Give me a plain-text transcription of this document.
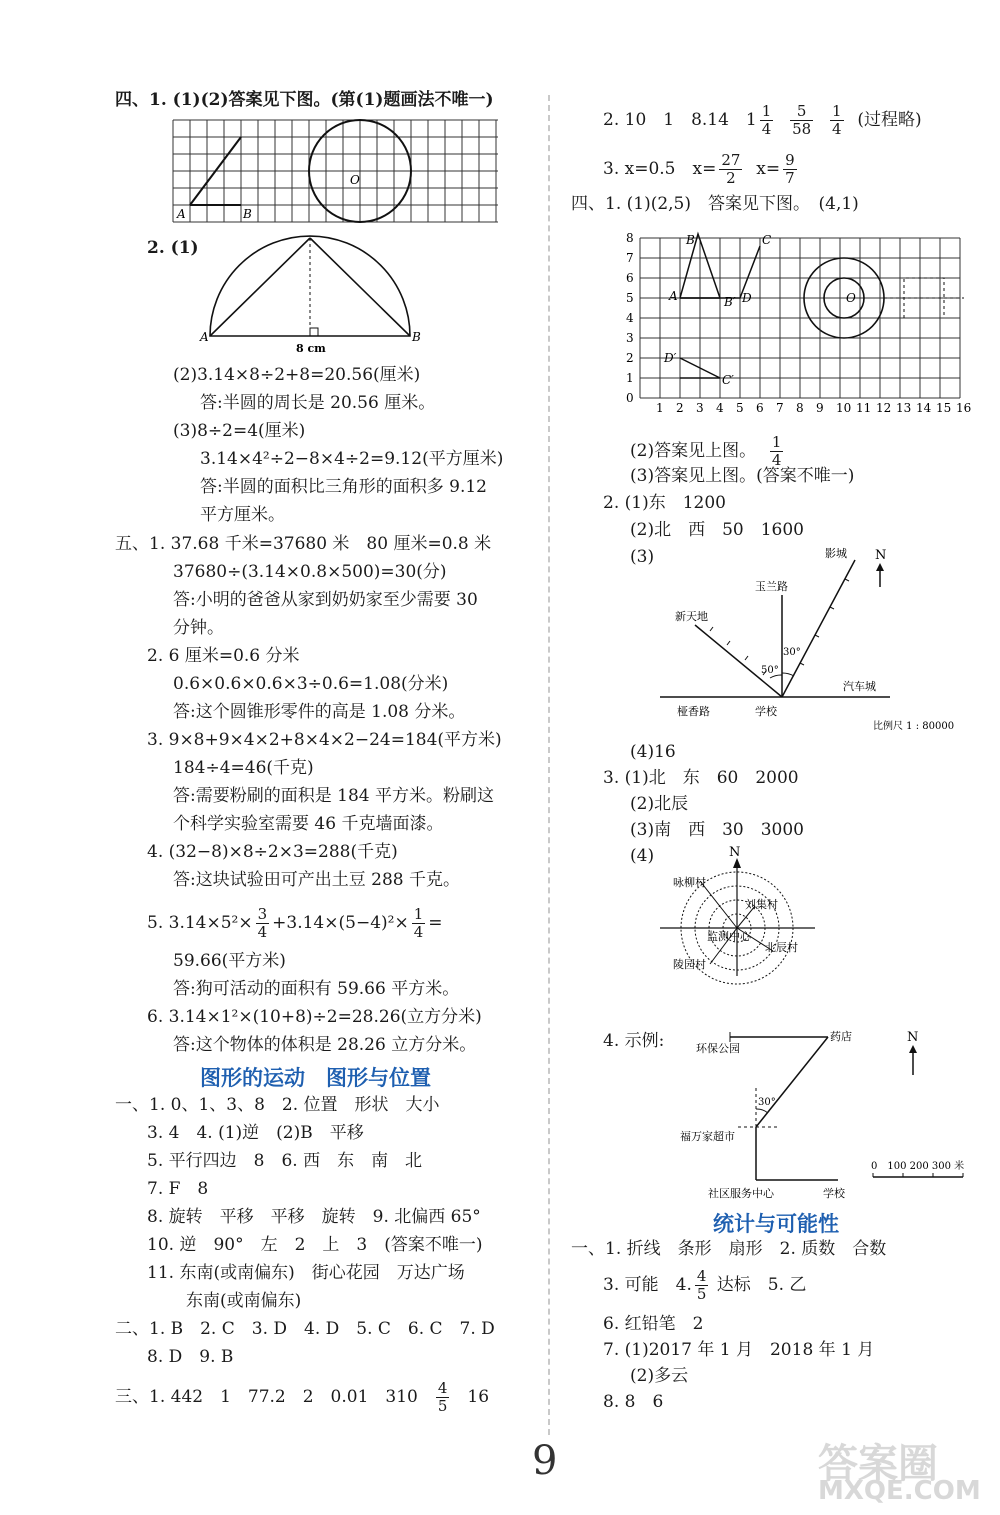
四、1. (1)(2)答案见下图。(第(1)题画法不唯一)
A	B
O
2. (1)
A	B
8 cm
(2)3.14×8÷2+8=20.56(厘米)
答:半圆的周长是 20.56 厘米。
(3)8÷2=4(厘米)
3.14×4²÷2−8×4÷2=9.12(平方厘米)
答:半圆的面积比三角形的面积多 9.12
平方厘米。
五、1. 37.68 千米=37680 米　80 厘米=0.8 米
37680÷(3.14×0.8×500)=30(分)
答:小明的爸爸从家到奶奶家至少需要 30
分钟。
2. 6 厘米=0.6 分米
0.6×0.6×0.6×3÷0.6=1.08(分米)
答:这个圆锥形零件的高是 1.08 分米。
3. 9×8+9×4×2+8×4×2−24=184(平方米)
184÷4=46(千克)
答:需要粉刷的面积是 184 平方米。粉刷这
个科学实验室需要 46 千克墙面漆。
4. (32−8)×8÷2×3=288(千克)
答:这块试验田可产出土豆 288 千克。
5. $3.14\times 5^2\times \frac{3}{4} +3.14\times(5-4)^2\times \frac{1}{4}$ =
59.66(平方米)
答:狗可活动的面积有 59.66 平方米。
6. 3.14×1²×(10+8)÷2=28.26(立方分米)
答:这个物体的体积是 28.26 立方分米。
图形的运动　图形与位置
一、1. 0、1、3、8　2. 位置　形状　大小
3. 4　4. (1)逆　(2)B　平移
5. 平行四边　8　6. 西　东　南　北
7. F　8
8. 旋转　平移　平移　旋转　9. 北偏西 65°
10. 逆　90°　左　2　上　3　(答案不唯一)
11. 东南(或南偏东)　街心花园　万达广场
东南(或南偏东)
二、1. B　2. C　3. D　4. D　5. C　6. C　7. D
8. D　9. B
三、1. 442　1　77.2　2　0.01　$310 \frac{4}{5} 16$
2. 10　1　8.14　$1 \frac{1}{4}$
$\frac{5}{58}$
$\frac{1}{4}$ (过程略)
3. x=0.5　$x= \frac{27}{2} x= \frac{9}{7}$
四、1. (1)(2,5)　答案见下图。　(4,1)
1 2 3 4 5 6 7 8 9 10 11 12 13 14 15 16
0
1
2
3
4
5
6
7
8	B	C
A	B′ D
D′
C′
O
(2)答案见上图。 $\frac{1}{4}$
(3)答案见上图。(答案不唯一)
2. (1)东　1200
(2)北　西　50　1600
(3)	影城 N
玉兰路
新天地
30°
50°
汽车城
桠香路	学校
比例尺 1 : 80000
(4)16
3. (1)北　东　60　2000
(2)北辰
(3)南　西　30　3000
(4)	N
咏柳村
刘集村
监测中心
北辰村
陵园村
4. 示例:	环保公园
药店	N
30°
福万家超市
社区服务中心	学校
0　100 200 300 米
统计与可能性
一、1. 折线　条形　扇形　2. 质数　合数
3. 可能　4. $\frac{4}{5}$ 达标　5. 乙
6. 红铅笔　2
7. (1)2017 年 1 月　2018 年 1 月
(2)多云
8. 8　6
9	答案圈
MXQE.COM
